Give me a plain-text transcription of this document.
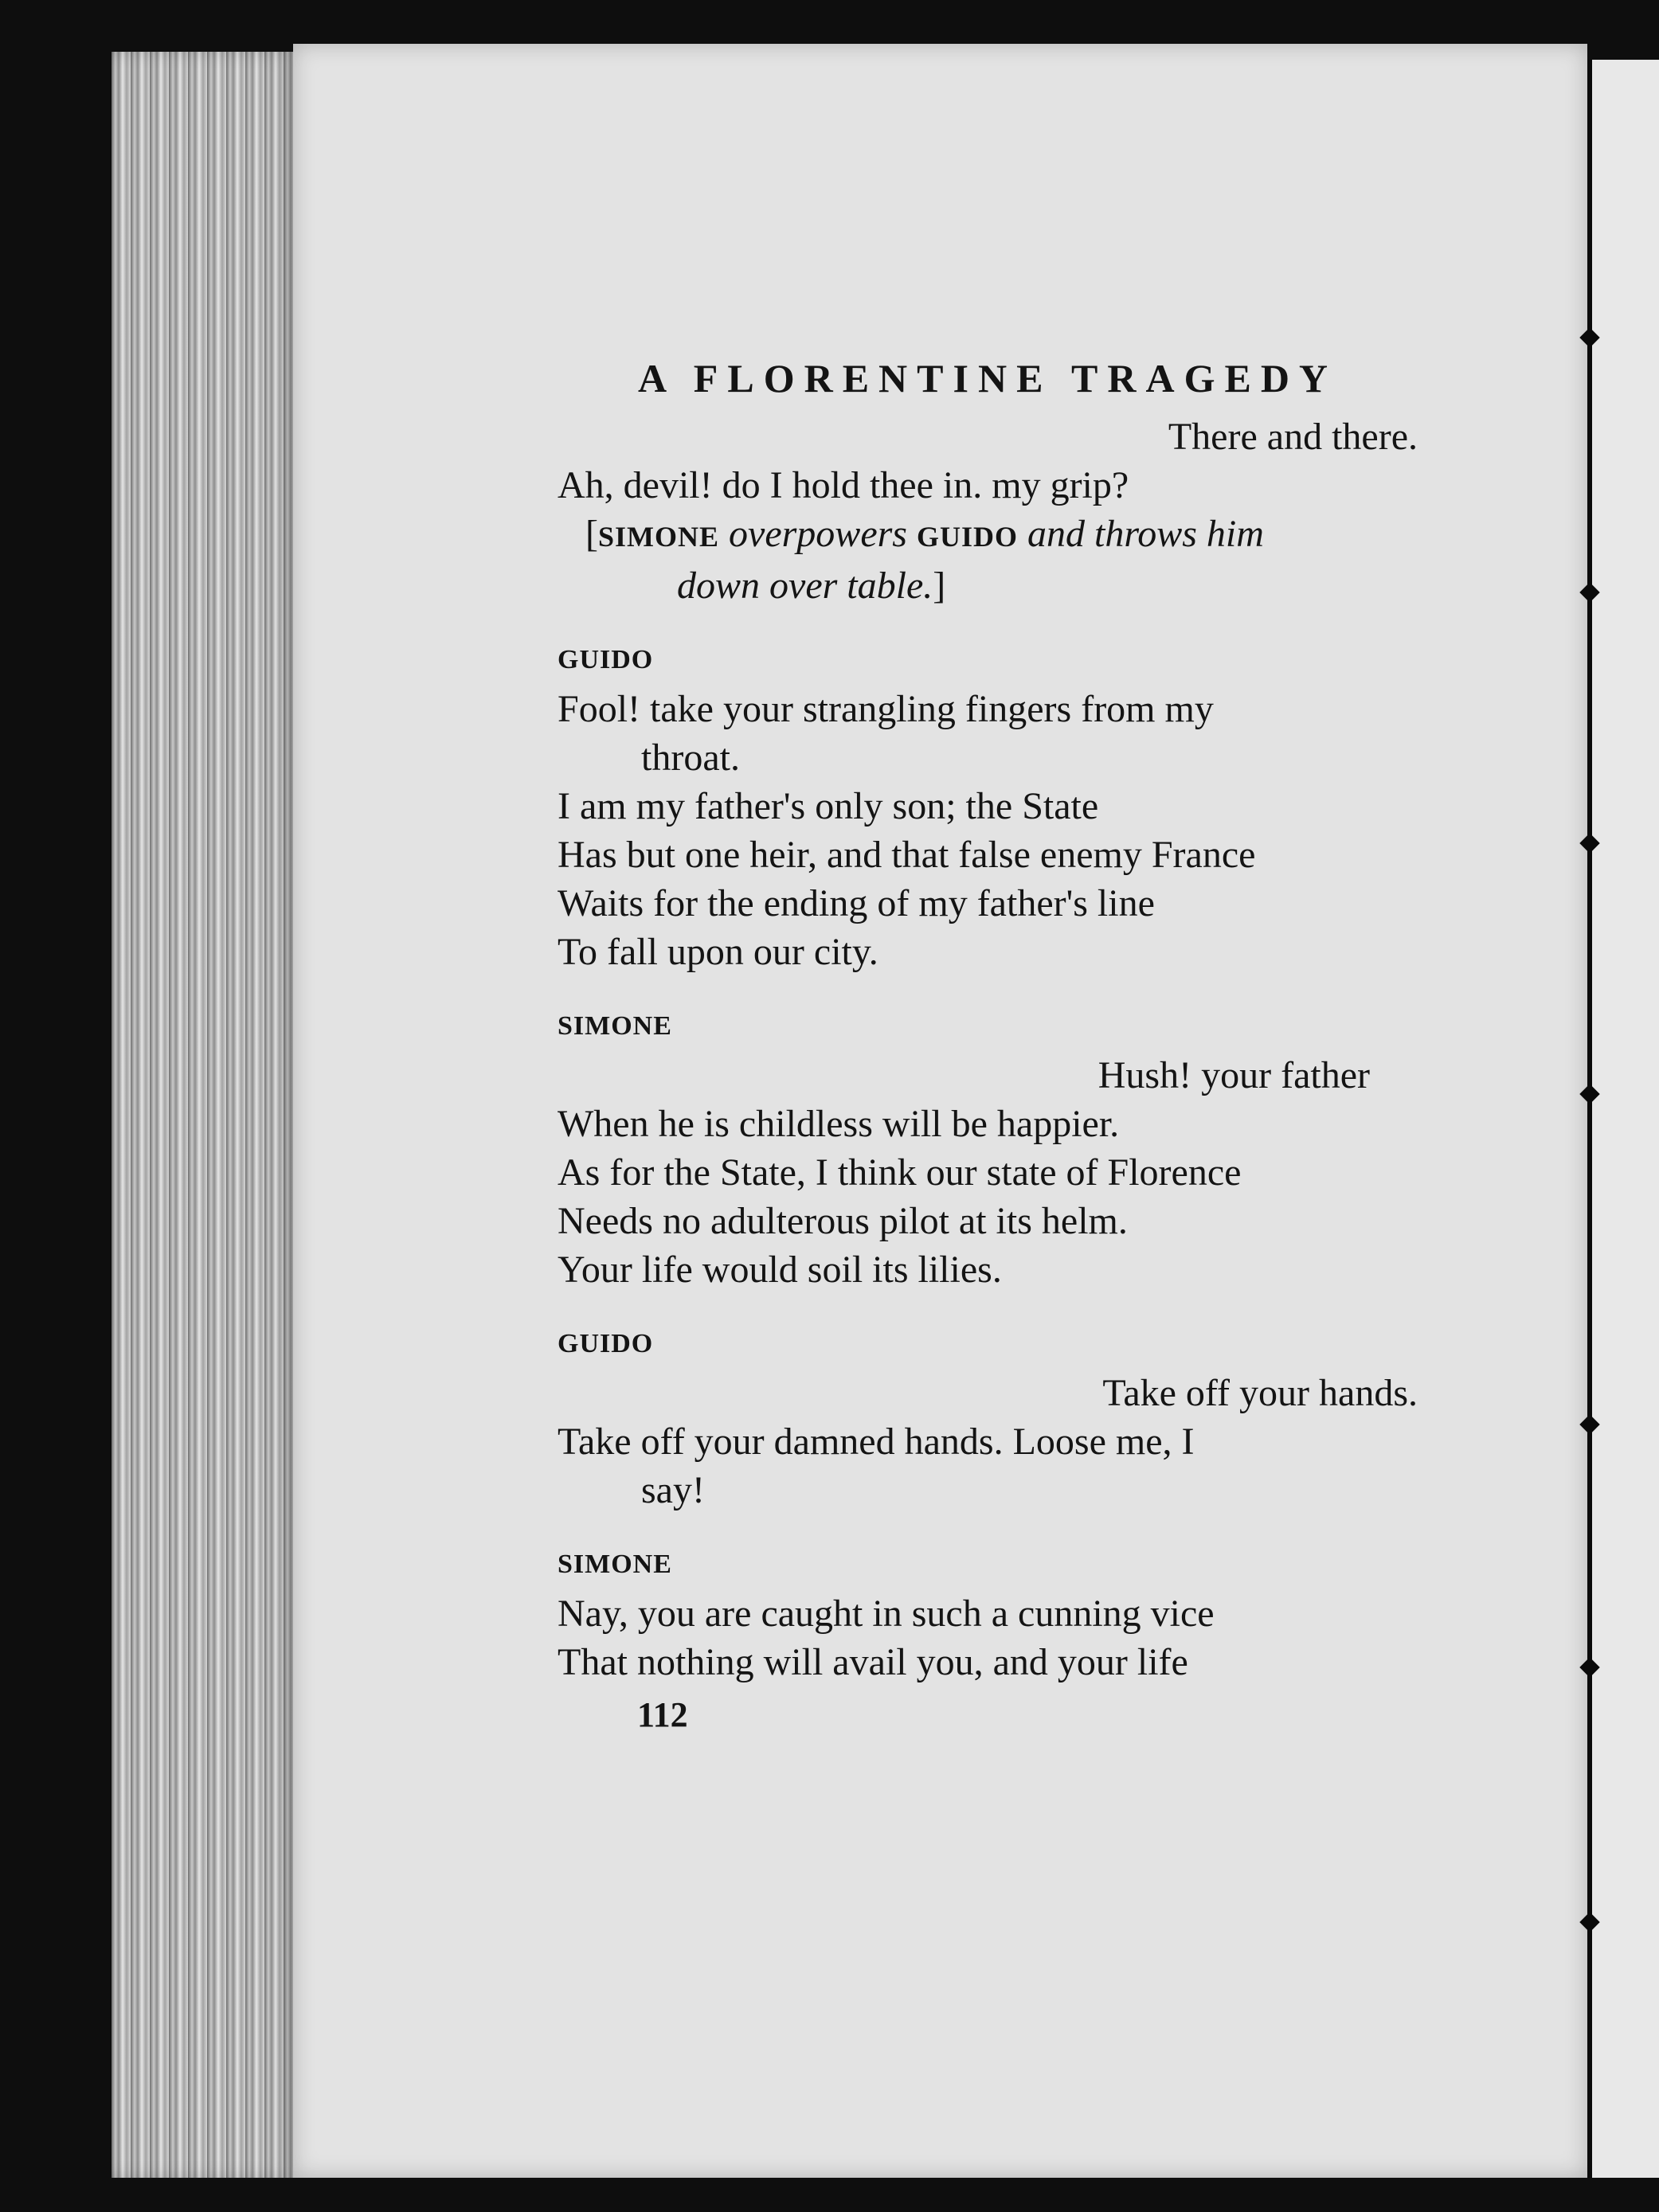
A FLORENTINE TRAGEDY
There and there.
Ah, devil! do I hold thee in. my grip?
[SIMONE overpowers GUIDO and throws him
down over table.]
GUIDO
Fool! take your strangling fingers from my
throat.
I am my father's only son; the State
Has but one heir, and that false enemy France
Waits for the ending of my father's line
To fall upon our city.
SIMONE
Hush! your father
When he is childless will be happier.
As for the State, I think our state of Florence
Needs no adulterous pilot at its helm.
Your life would soil its lilies.
GUIDO
Take off your hands.
Take off your damned hands. Loose me, I
say!
SIMONE
Nay, you are caught in such a cunning vice
That nothing will avail you, and your life
112
